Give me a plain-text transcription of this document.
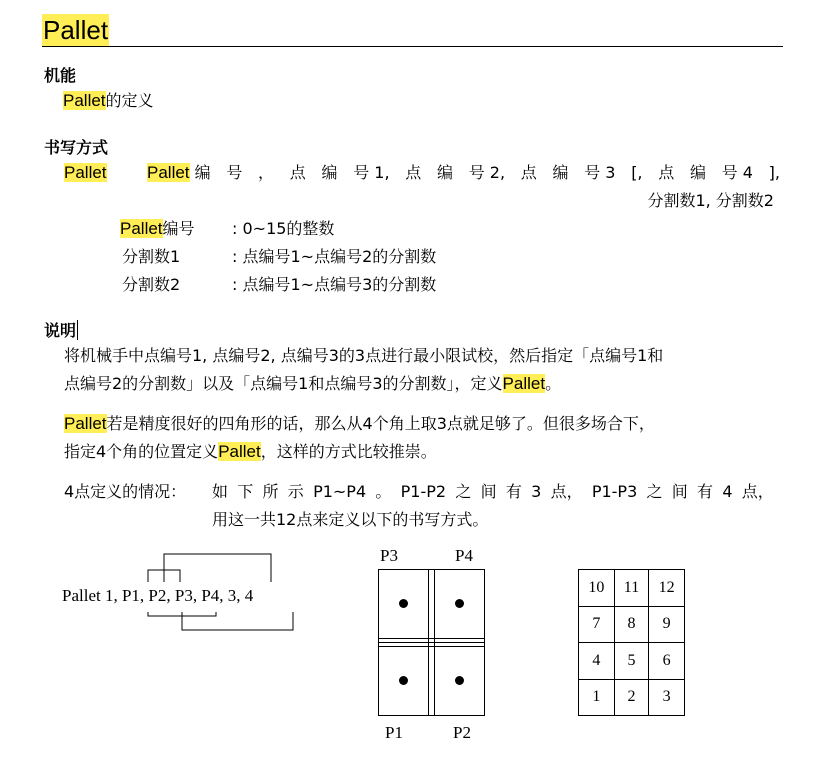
Pallet
机能
Pallet的定义
书写方式
Pallet Pallet 编 号 ， 点 编 号 1, 点 编 号 2, 点 编 号 3 [, 点 编 号 4 ],
分割数1, 分割数2
Pallet编号 : 0~15的整数
分割数1	: 点编号1~点编号2的分割数
分割数2	: 点编号1~点编号3的分割数
说明
将机械手中点编号1, 点编号2, 点编号3的3点进行最小限试校，然后指定「点编号1和
点编号2的分割数」以及「点编号1和点编号3的分割数」，定义Pallet。
Pallet若是精度很好的四角形的话，那么从4个角上取3点就足够了。但很多场合下，
指定4个角的位置定义Pallet，这样的方式比较推崇。
4点定义的情况： 如 下 所 示 P1~P4 。 P1-P2 之 间 有 3 点， P1-P3 之 间 有 4 点，
用这一共12点来定义以下的书写方式。
Pallet 1, P1, P2, P3, P4, 3, 4
P3	P4

P1	P2
10	11	12
7	8	9
4	5	6
1	2	3
